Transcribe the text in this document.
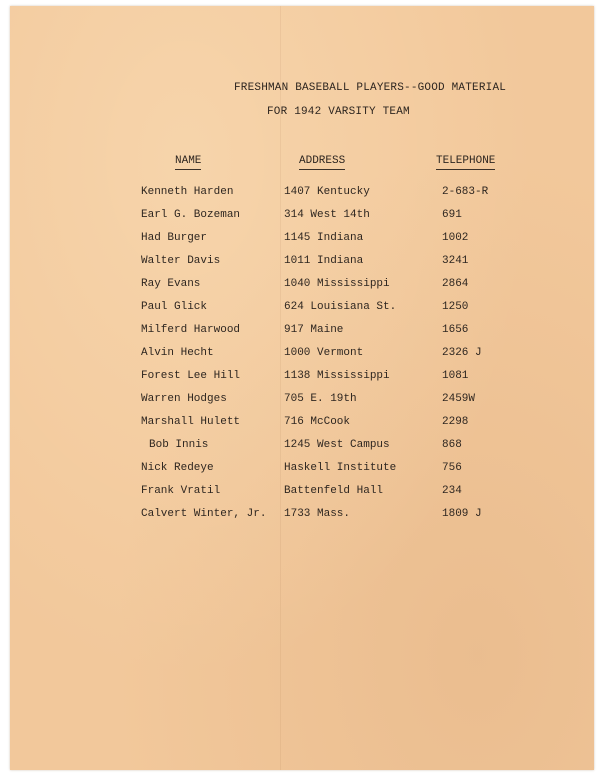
FRESHMAN BASEBALL PLAYERS--GOOD MATERIAL
FOR 1942 VARSITY TEAM
NAME	ADDRESS	TELEPHONE
Kenneth Harden	1407 Kentucky	2-683-R
Earl G. Bozeman	314 West 14th	691
Had Burger	1145 Indiana	1002
Walter Davis	1011 Indiana	3241
Ray Evans	1040 Mississippi	2864
Paul Glick	624 Louisiana St.	1250
Milferd Harwood	917 Maine	1656
Alvin Hecht	1000 Vermont	2326 J
Forest Lee Hill	1138 Mississippi	1081
Warren Hodges	705 E. 19th	2459W
Marshall Hulett	716 McCook	2298
Bob Innis	1245 West Campus	868
Nick Redeye	Haskell Institute	756
Frank Vratil	Battenfeld Hall	234
Calvert Winter, Jr. 1733 Mass.	1809 J
